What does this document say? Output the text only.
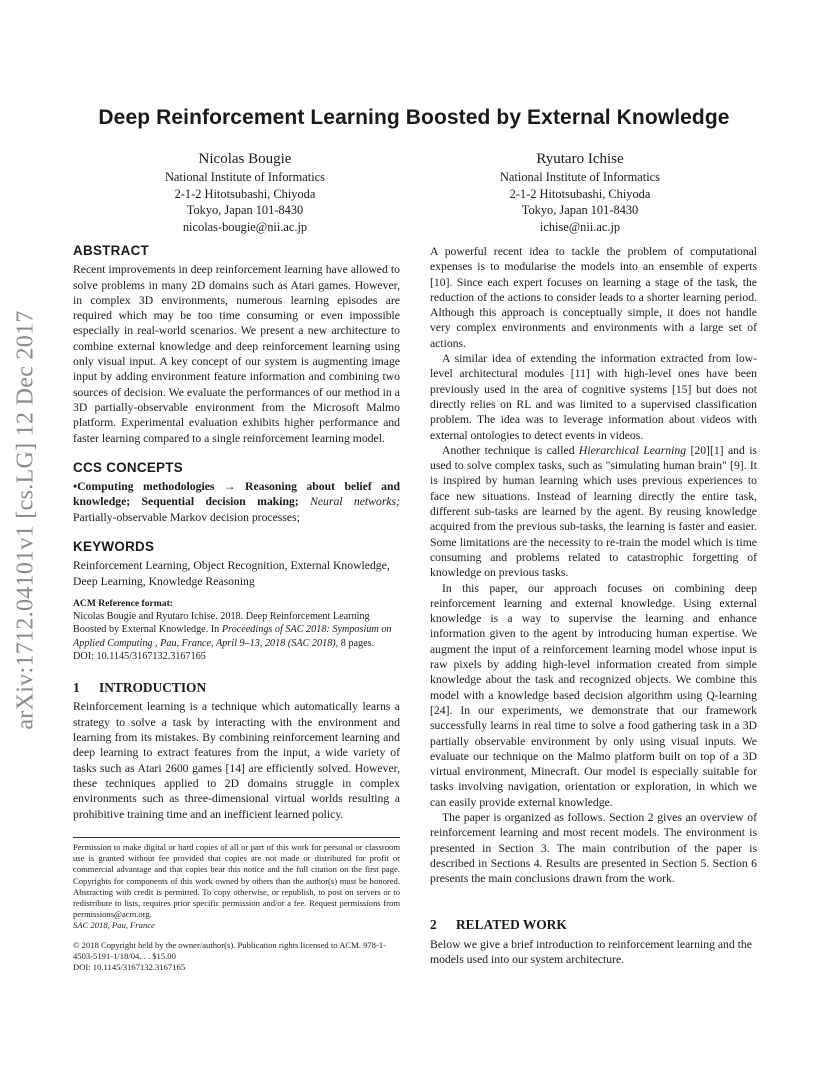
Deep Reinforcement Learning Boosted by External Knowledge
Nicolas Bougie
National Institute of Informatics
2-1-2 Hitotsubashi, Chiyoda
Tokyo, Japan 101-8430
nicolas-bougie@nii.ac.jp
Ryutaro Ichise
National Institute of Informatics
2-1-2 Hitotsubashi, Chiyoda
Tokyo, Japan 101-8430
ichise@nii.ac.jp
arXiv:1712.04101v1 [cs.LG] 12 Dec 2017
ABSTRACT

Recent improvements in deep reinforcement learning have allowed to solve problems in many 2D domains such as Atari games. However, in complex 3D environments, numerous learning episodes are required which may be too time consuming or even impossible especially in real-world scenarios. We present a new architecture to combine external knowledge and deep reinforcement learning using only visual input. A key concept of our system is augmenting image input by adding environment feature information and combining two sources of decision. We evaluate the performances of our method in a 3D partially-observable environment from the Microsoft Malmo platform. Experimental evaluation exhibits higher performance and faster learning compared to a single reinforcement learning model.

CCS CONCEPTS

•Computing methodologies → Reasoning about belief and knowledge; Sequential decision making; Neural networks; Partially-observable Markov decision processes;

KEYWORDS

Reinforcement Learning, Object Recognition, External Knowledge, Deep Learning, Knowledge Reasoning

ACM Reference format:
Nicolas Bougie and Ryutaro Ichise. 2018. Deep Reinforcement Learning Boosted by External Knowledge. In Proceedings of SAC 2018: Symposium on Applied Computing , Pau, France, April 9–13, 2018 (SAC 2018), 8 pages.
DOI: 10.1145/3167132.3167165
1 INTRODUCTION

Reinforcement learning is a technique which automatically learns a strategy to solve a task by interacting with the environment and learning from its mistakes. By combining reinforcement learning and deep learning to extract features from the input, a wide variety of tasks such as Atari 2600 games [14] are efficiently solved. However, these techniques applied to 2D domains struggle in complex environments such as three-dimensional virtual worlds resulting a prohibitive training time and an inefficient learned policy.

Permission to make digital or hard copies of all or part of this work for personal or classroom use is granted without fee provided that copies are not made or distributed for profit or commercial advantage and that copies bear this notice and the full citation on the first page. Copyrights for components of this work owned by others than the author(s) must be honored. Abstracting with credit is permitted. To copy otherwise, or republish, to post on servers or to redistribute to lists, requires prior specific permission and/or a fee. Request permissions from permissions@acm.org.

SAC 2018, Pau, France
© 2018 Copyright held by the owner/author(s). Publication rights licensed to ACM. 978-1-4503-5191-1/18/04. . . $15.00
DOI: 10.1145/3167132.3167165

A powerful recent idea to tackle the problem of computational expenses is to modularise the models into an ensemble of experts [10]. Since each expert focuses on learning a stage of the task, the reduction of the actions to consider leads to a shorter learning period. Although this approach is conceptually simple, it does not handle very complex environments and environments with a large set of actions.

A similar idea of extending the information extracted from low-level architectural modules [11] with high-level ones have been previously used in the area of cognitive systems [15] but does not directly relies on RL and was limited to a supervised classification problem. The idea was to leverage information about videos with external ontologies to detect events in videos.

Another technique is called Hierarchical Learning [20][1] and is used to solve complex tasks, such as "simulating human brain" [9]. It is inspired by human learning which uses previous experiences to face new situations. Instead of learning directly the entire task, different sub-tasks are learned by the agent. By reusing knowledge acquired from the previous sub-tasks, the learning is faster and easier. Some limitations are the necessity to re-train the model which is time consuming and problems related to catastrophic forgetting of knowledge on previous tasks.

In this paper, our approach focuses on combining deep reinforcement learning and external knowledge. Using external knowledge is a way to supervise the learning and enhance information given to the agent by introducing human expertise. We augment the input of a reinforcement learning model whose input is raw pixels by adding high-level information created from simple knowledge about the task and recognized objects. We combine this model with a knowledge based decision algorithm using Q-learning [24]. In our experiments, we demonstrate that our framework successfully learns in real time to solve a food gathering task in a 3D partially observable environment by only using visual inputs. We evaluate our technique on the Malmo platform built on top of a 3D virtual environment, Minecraft. Our model is especially suitable for tasks involving navigation, orientation or exploration, in which we can easily provide external knowledge.

The paper is organized as follows. Section 2 gives an overview of reinforcement learning and most recent models. The environment is presented in Section 3. The main contribution of the paper is described in Sections 4. Results are presented in Section 5. Section 6 presents the main conclusions drawn from the work.

2 RELATED WORK

Below we give a brief introduction to reinforcement learning and the models used into our system architecture.
